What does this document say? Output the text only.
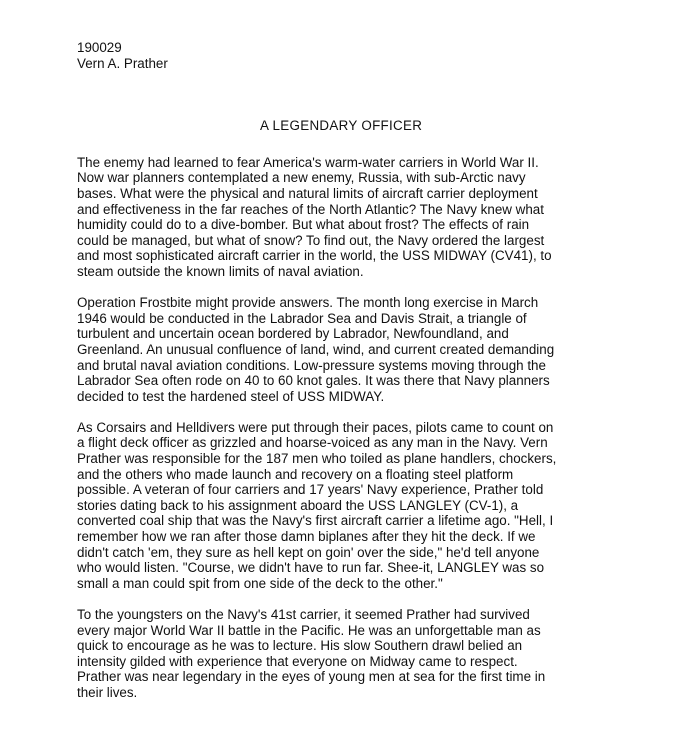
190029
Vern A. Prather
A LEGENDARY OFFICER

The enemy had learned to fear America's warm-water carriers in World War II.
Now war planners contemplated a new enemy, Russia, with sub-Arctic navy
bases. What were the physical and natural limits of aircraft carrier deployment
and effectiveness in the far reaches of the North Atlantic? The Navy knew what
humidity could do to a dive-bomber. But what about frost? The effects of rain
could be managed, but what of snow? To find out, the Navy ordered the largest
and most sophisticated aircraft carrier in the world, the USS MIDWAY (CV41), to
steam outside the known limits of naval aviation.

Operation Frostbite might provide answers. The month long exercise in March
1946 would be conducted in the Labrador Sea and Davis Strait, a triangle of
turbulent and uncertain ocean bordered by Labrador, Newfoundland, and
Greenland. An unusual confluence of land, wind, and current created demanding
and brutal naval aviation conditions. Low-pressure systems moving through the
Labrador Sea often rode on 40 to 60 knot gales. It was there that Navy planners
decided to test the hardened steel of USS MIDWAY.

As Corsairs and Helldivers were put through their paces, pilots came to count on
a flight deck officer as grizzled and hoarse-voiced as any man in the Navy. Vern
Prather was responsible for the 187 men who toiled as plane handlers, chockers,
and the others who made launch and recovery on a floating steel platform
possible. A veteran of four carriers and 17 years' Navy experience, Prather told
stories dating back to his assignment aboard the USS LANGLEY (CV-1), a
converted coal ship that was the Navy's first aircraft carrier a lifetime ago. "Hell, I
remember how we ran after those damn biplanes after they hit the deck. If we
didn't catch 'em, they sure as hell kept on goin' over the side," he'd tell anyone
who would listen. "Course, we didn't have to run far. Shee-it, LANGLEY was so
small a man could spit from one side of the deck to the other."

To the youngsters on the Navy's 41st carrier, it seemed Prather had survived
every major World War II battle in the Pacific. He was an unforgettable man as
quick to encourage as he was to lecture. His slow Southern drawl belied an
intensity gilded with experience that everyone on Midway came to respect.
Prather was near legendary in the eyes of young men at sea for the first time in
their lives.
